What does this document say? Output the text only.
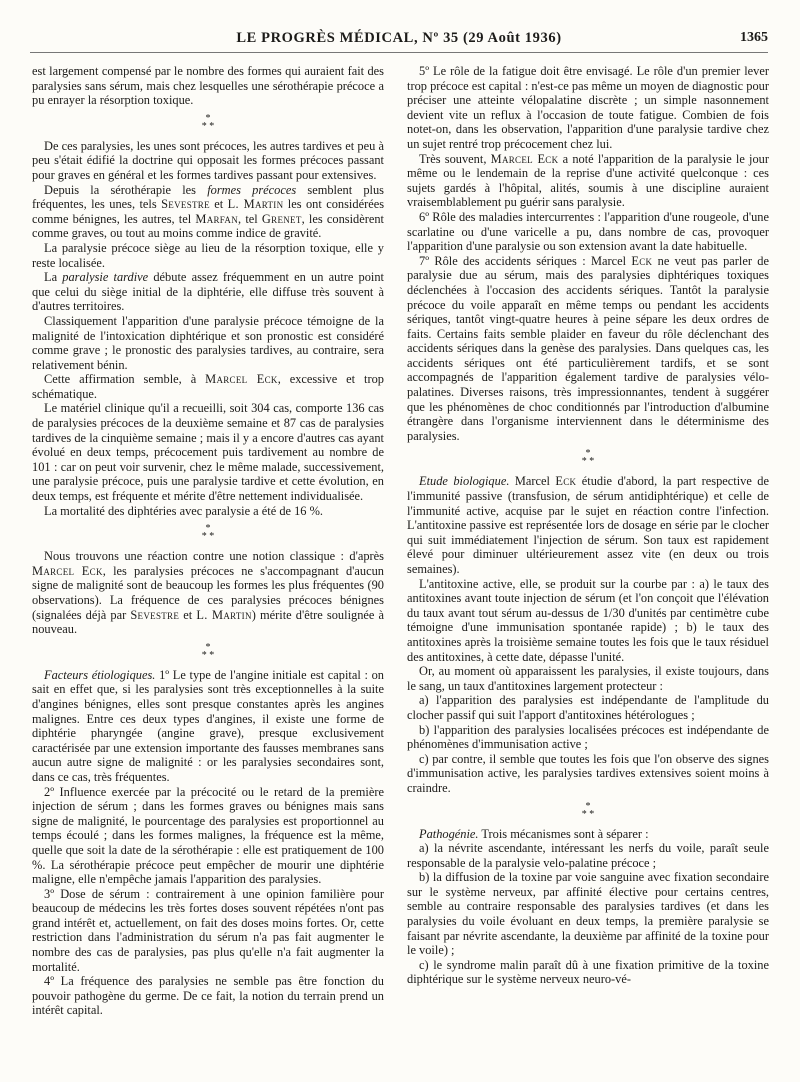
LE PROGRÈS MÉDICAL, Nº 35 (29 Août 1936)	1365

est largement compensé par le nombre des formes qui auraient fait des paralysies sans sérum, mais chez lesquelles une sérothérapie précoce a pu enrayer la résorption toxique.

*
* *

De ces paralysies, les unes sont précoces, les autres tardives et peu à peu s'était édifié la doctrine qui opposait les formes précoces passant pour graves en général et les formes tardives passant pour extensives.

Depuis la sérothérapie les formes précoces semblent plus fréquentes, les unes, tels Sevestre et L. Martin les ont considérées comme bénignes, les autres, tel Marfan, tel Grenet, les considèrent comme graves, ou tout au moins comme indice de gravité.

La paralysie précoce siège au lieu de la résorption toxique, elle y reste localisée.

La paralysie tardive débute assez fréquemment en un autre point que celui du siège initial de la diphtérie, elle diffuse très souvent à d'autres territoires.

Classiquement l'apparition d'une paralysie précoce témoigne de la malignité de l'intoxication diphtérique et son pronostic est considéré comme grave ; le pronostic des paralysies tardives, au contraire, sera relativement bénin.

Cette affirmation semble, à Marcel Eck, excessive et trop schématique.

Le matériel clinique qu'il a recueilli, soit 304 cas, comporte 136 cas de paralysies précoces de la deuxième semaine et 87 cas de paralysies tardives de la cinquième semaine ; mais il y a encore d'autres cas ayant évolué en deux temps, précocement puis tardivement au nombre de 101 : car on peut voir survenir, chez le même malade, successivement, une paralysie précoce, puis une paralysie tardive et cette évolution, en deux temps, est fréquente et mérite d'être nettement individualisée.

La mortalité des diphtéries avec paralysie a été de 16 %.

*
* *

Nous trouvons une réaction contre une notion classique : d'après Marcel Eck, les paralysies précoces ne s'accompagnant d'aucun signe de malignité sont de beaucoup les formes les plus fréquentes (90 observations). La fréquence de ces paralysies précoces bénignes (signalées déjà par Sevestre et L. Martin) mérite d'être soulignée à nouveau.

*
* *

Facteurs étiologiques. 1º Le type de l'angine initiale est capital : on sait en effet que, si les paralysies sont très exceptionnelles à la suite d'angines bénignes, elles sont presque constantes après les angines malignes. Entre ces deux types d'angines, il existe une forme de diphtérie pharyngée (angine grave), presque exclusivement caractérisée par une extension importante des fausses membranes sans aucun autre signe de malignité : or les paralysies secondaires sont, dans ce cas, très fréquentes.

2º Influence exercée par la précocité ou le retard de la première injection de sérum ; dans les formes graves ou bénignes mais sans signe de malignité, le pourcentage des paralysies est proportionnel au temps écoulé ; dans les formes malignes, la fréquence est la même, quelle que soit la date de la sérothérapie : elle est pratiquement de 100 %. La sérothérapie précoce peut empêcher de mourir une diphtérie maligne, elle n'empêche jamais l'apparition des paralysies.

3º Dose de sérum : contrairement à une opinion familière pour beaucoup de médecins les très fortes doses souvent répétées n'ont pas grand intérêt et, actuellement, on fait des doses moins fortes. Or, cette restriction dans l'administration du sérum n'a pas fait augmenter le nombre des cas de paralysies, pas plus qu'elle n'a fait augmenter la mortalité.

4º La fréquence des paralysies ne semble pas être fonction du pouvoir pathogène du germe. De ce fait, la notion du terrain prend un intérêt capital.

5º Le rôle de la fatigue doit être envisagé. Le rôle d'un premier lever trop précoce est capital : n'est-ce pas même un moyen de diagnostic pour préciser une atteinte vélopalatine discrète ; un simple nasonnement devient vite un reflux à l'occasion de toute fatigue. Combien de fois notet-on, dans les observation, l'apparition d'une paralysie tardive chez un sujet rentré trop précocement chez lui.

Très souvent, Marcel Eck a noté l'apparition de la paralysie le jour même ou le lendemain de la reprise d'une activité quelconque : ces sujets gardés à l'hôpital, alités, soumis à une discipline auraient vraisemblablement pu guérir sans paralysie.

6º Rôle des maladies intercurrentes : l'apparition d'une rougeole, d'une scarlatine ou d'une varicelle a pu, dans nombre de cas, provoquer l'apparition d'une paralysie ou son extension avant la date habituelle.

7º Rôle des accidents sériques : Marcel Eck ne veut pas parler de paralysie due au sérum, mais des paralysies diphtériques toxiques déclenchées à l'occasion des accidents sériques. Tantôt la paralysie précoce du voile apparaît en même temps ou pendant les accidents sériques, tantôt vingt-quatre heures à peine sépare les deux ordres de faits. Certains faits semble plaider en faveur du rôle déclenchant des accidents sériques dans la genèse des paralysies. Dans quelques cas, les accidents sériques ont été particulièrement tardifs, et se sont accompagnés de l'apparition également tardive de paralysies vélo-palatines. Diverses raisons, très impressionnantes, tendent à suggérer que les phénomènes de choc conditionnés par l'introduction d'albumine étrangère dans l'organisme interviennent dans le déterminisme des paralysies.

*
* *

Etude biologique. Marcel Eck étudie d'abord, la part respective de l'immunité passive (transfusion, de sérum antidiphtérique) et celle de l'immunité active, acquise par le sujet en réaction contre l'infection. L'antitoxine passive est représentée lors de dosage en série par le clocher qui suit immédiatement l'injection de sérum. Son taux est rapidement élevé pour diminuer ultérieurement assez vite (en deux ou trois semaines).

L'antitoxine active, elle, se produit sur la courbe par : a) le taux des antitoxines avant toute injection de sérum (et l'on conçoit que l'élévation du taux avant tout sérum au-dessus de 1/30 d'unités par centimètre cube témoigne d'une immunisation spontanée rapide) ; b) le taux des antitoxines après la troisième semaine toutes les fois que le taux résiduel des antitoxines, à cette date, dépasse l'unité.

Or, au moment où apparaissent les paralysies, il existe toujours, dans le sang, un taux d'antitoxines largement protecteur :

a) l'apparition des paralysies est indépendante de l'amplitude du clocher passif qui suit l'apport d'antitoxines hétérologues ;

b) l'apparition des paralysies localisées précoces est indépendante de phénomènes d'immunisation active ;

c) par contre, il semble que toutes les fois que l'on observe des signes d'immunisation active, les paralysies tardives extensives soient moins à craindre.

*
* *

Pathogénie. Trois mécanismes sont à séparer :

a) la névrite ascendante, intéressant les nerfs du voile, paraît seule responsable de la paralysie velo-palatine précoce ;

b) la diffusion de la toxine par voie sanguine avec fixation secondaire sur le système nerveux, par affinité élective pour certains centres, semble au contraire responsable des paralysies tardives (et dans les paralysies du voile évoluant en deux temps, la première paralysie se faisant par névrite ascendante, la deuxième par affinité de la toxine pour le voile) ;

c) le syndrome malin paraît dû à une fixation primitive de la toxine diphtérique sur le système nerveux neuro-vé-
